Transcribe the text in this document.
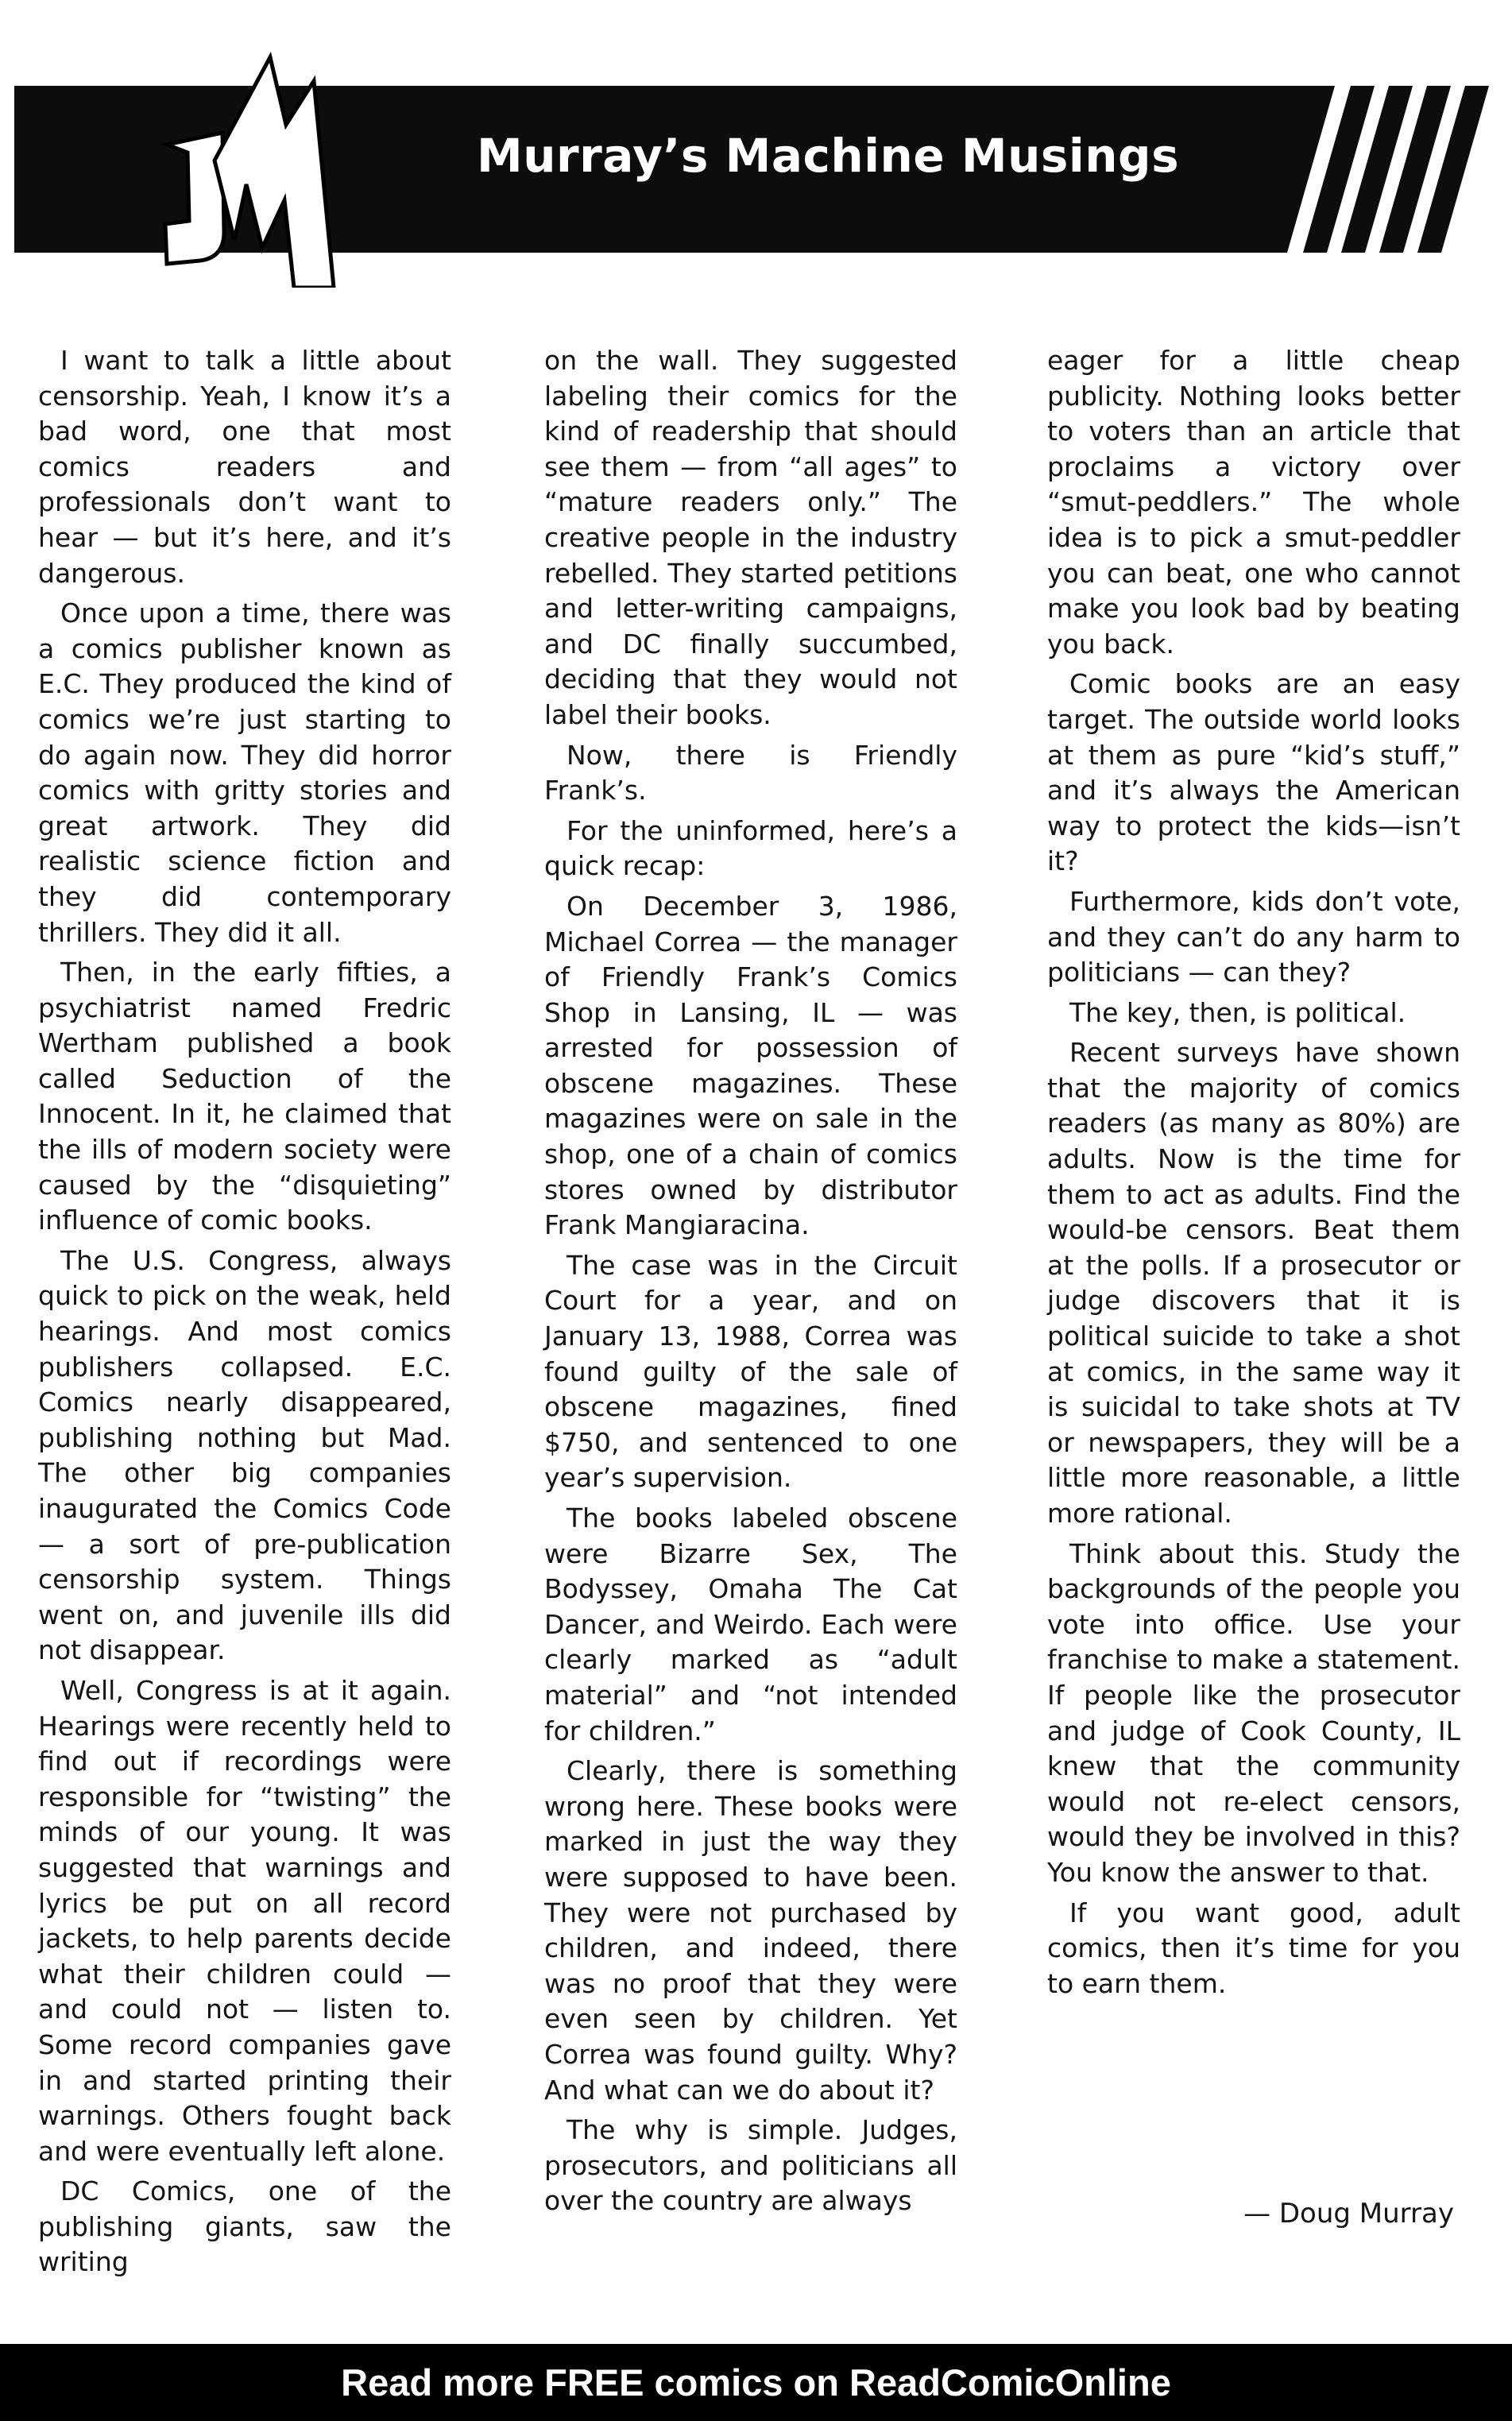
Murray’s Machine Musings

I want to talk a little about censorship. Yeah, I know it’s a bad word, one that most comics readers and professionals don’t want to hear — but it’s here, and it’s dangerous.

Once upon a time, there was a comics publisher known as E.C. They produced the kind of comics we’re just starting to do again now. They did horror comics with gritty stories and great artwork. They did realistic science fiction and they did contemporary thrillers. They did it all.

Then, in the early fifties, a psychiatrist named Fredric Wertham published a book called Seduction of the Innocent. In it, he claimed that the ills of modern society were caused by the “disquieting” influence of comic books.

The U.S. Congress, always quick to pick on the weak, held hearings. And most comics publishers collapsed. E.C. Comics nearly disappeared, publishing nothing but Mad. The other big companies inaugurated the Comics Code — a sort of pre-publication censorship system. Things went on, and juvenile ills did not disappear.

Well, Congress is at it again. Hearings were recently held to find out if recordings were responsible for “twisting” the minds of our young. It was suggested that warnings and lyrics be put on all record jackets, to help parents decide what their children could — and could not — listen to. Some record companies gave in and started printing their warnings. Others fought back and were eventually left alone.

DC Comics, one of the publishing giants, saw the writing

on the wall. They suggested labeling their comics for the kind of readership that should see them — from “all ages” to “mature readers only.” The creative people in the industry rebelled. They started petitions and letter-writing campaigns, and DC finally succumbed, deciding that they would not label their books.

Now, there is Friendly Frank’s.

For the uninformed, here’s a quick recap:

On December 3, 1986, Michael Correa — the manager of Friendly Frank’s Comics Shop in Lansing, IL — was arrested for possession of obscene magazines. These magazines were on sale in the shop, one of a chain of comics stores owned by distributor Frank Mangiaracina.

The case was in the Circuit Court for a year, and on January 13, 1988, Correa was found guilty of the sale of obscene magazines, fined $750, and sentenced to one year’s supervision.

The books labeled obscene were Bizarre Sex, The Bodyssey, Omaha The Cat Dancer, and Weirdo. Each were clearly marked as “adult material” and “not intended for children.”

Clearly, there is something wrong here. These books were marked in just the way they were supposed to have been. They were not purchased by children, and indeed, there was no proof that they were even seen by children. Yet Correa was found guilty. Why? And what can we do about it?

The why is simple. Judges, prosecutors, and politicians all over the country are always

eager for a little cheap publicity. Nothing looks better to voters than an article that proclaims a victory over “smut-peddlers.” The whole idea is to pick a smut-peddler you can beat, one who cannot make you look bad by beating you back.

Comic books are an easy target. The outside world looks at them as pure “kid’s stuff,” and it’s always the American way to protect the kids—isn’t it?

Furthermore, kids don’t vote, and they can’t do any harm to politicians — can they?

The key, then, is political.

Recent surveys have shown that the majority of comics readers (as many as 80%) are adults. Now is the time for them to act as adults. Find the would-be censors. Beat them at the polls. If a prosecutor or judge discovers that it is political suicide to take a shot at comics, in the same way it is suicidal to take shots at TV or newspapers, they will be a little more reasonable, a little more rational.

Think about this. Study the backgrounds of the people you vote into office. Use your franchise to make a statement. If people like the prosecutor and judge of Cook County, IL knew that the community would not re-elect censors, would they be involved in this? You know the answer to that.

If you want good, adult comics, then it’s time for you to earn them.

— Doug Murray
Read more FREE comics on ReadComicOnline
